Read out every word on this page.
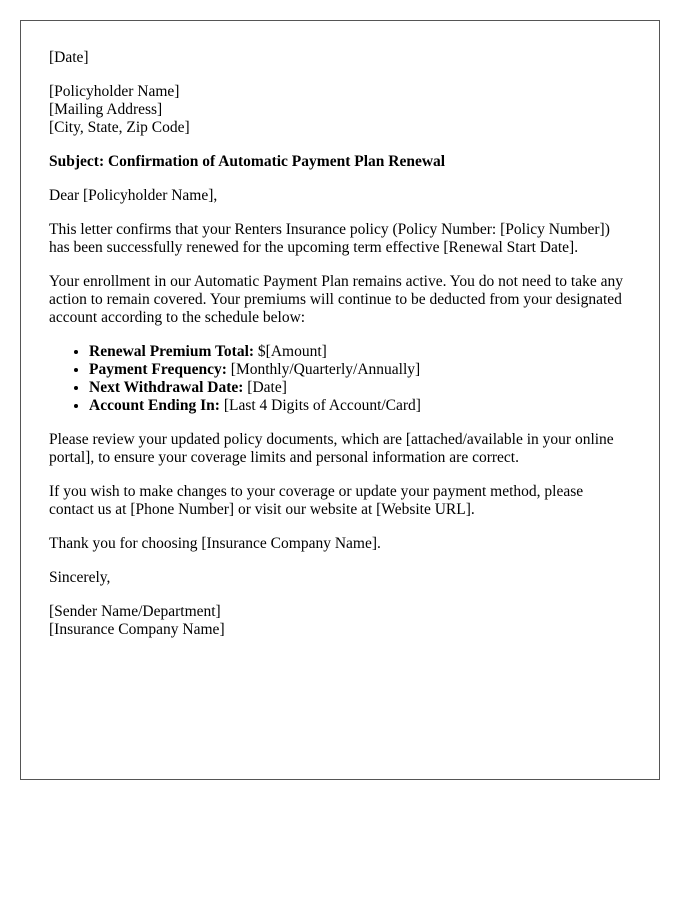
[Date]
[Policyholder Name]
[Mailing Address]
[City, State, Zip Code]
Subject: Confirmation of Automatic Payment Plan Renewal
Dear [Policyholder Name],
This letter confirms that your Renters Insurance policy (Policy Number: [Policy Number]) has been successfully renewed for the upcoming term effective [Renewal Start Date].
Your enrollment in our Automatic Payment Plan remains active. You do not need to take any action to remain covered. Your premiums will continue to be deducted from your designated account according to the schedule below:
• Renewal Premium Total: $[Amount]
• Payment Frequency: [Monthly/Quarterly/Annually]
• Next Withdrawal Date: [Date]
• Account Ending In: [Last 4 Digits of Account/Card]
Please review your updated policy documents, which are [attached/available in your online portal], to ensure your coverage limits and personal information are correct.
If you wish to make changes to your coverage or update your payment method, please contact us at [Phone Number] or visit our website at [Website URL].
Thank you for choosing [Insurance Company Name].
Sincerely,
[Sender Name/Department]
[Insurance Company Name]
